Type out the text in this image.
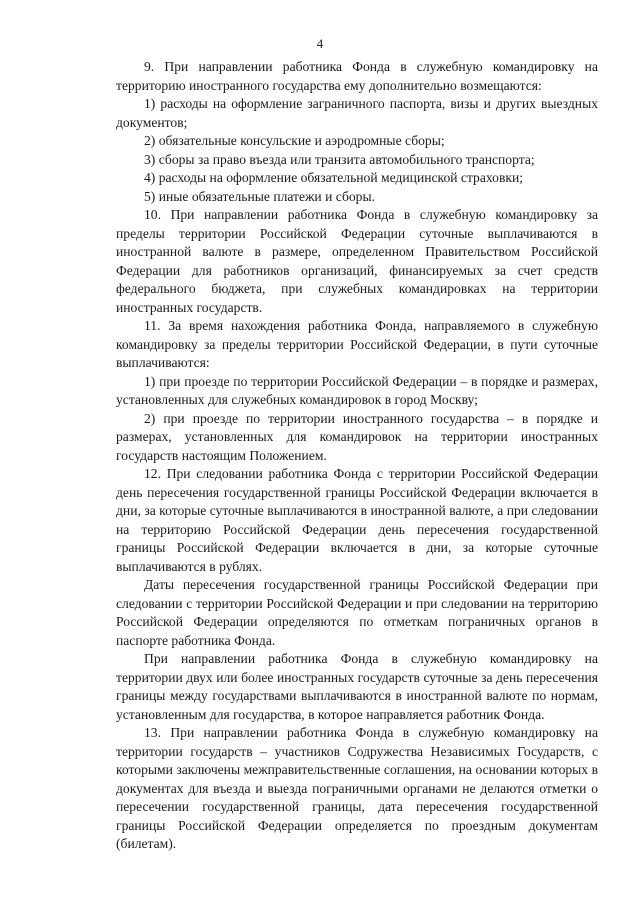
4

9. При направлении работника Фонда в служебную командировку на территорию иностранного государства ему дополнительно возмещаются:

1) расходы на оформление заграничного паспорта, визы и других выездных документов;

2) обязательные консульские и аэродромные сборы;

3) сборы за право въезда или транзита автомобильного транспорта;

4) расходы на оформление обязательной медицинской страховки;

5) иные обязательные платежи и сборы.

10. При направлении работника Фонда в служебную командировку за пределы территории Российской Федерации суточные выплачиваются в иностранной валюте в размере, определенном Правительством Российской Федерации для работников организаций, финансируемых за счет средств федерального бюджета, при служебных командировках на территории иностранных государств.

11. За время нахождения работника Фонда, направляемого в служебную командировку за пределы территории Российской Федерации, в пути суточные выплачиваются:

1) при проезде по территории Российской Федерации – в порядке и размерах, установленных для служебных командировок в город Москву;

2) при проезде по территории иностранного государства – в порядке и размерах, установленных для командировок на территории иностранных государств настоящим Положением.

12. При следовании работника Фонда с территории Российской Федерации день пересечения государственной границы Российской Федерации включается в дни, за которые суточные выплачиваются в иностранной валюте, а при следовании на территорию Российской Федерации день пересечения государственной границы Российской Федерации включается в дни, за которые суточные выплачиваются в рублях.

Даты пересечения государственной границы Российской Федерации при следовании с территории Российской Федерации и при следовании на территорию Российской Федерации определяются по отметкам пограничных органов в паспорте работника Фонда.

При направлении работника Фонда в служебную командировку на территории двух или более иностранных государств суточные за день пересечения границы между государствами выплачиваются в иностранной валюте по нормам, установленным для государства, в которое направляется работник Фонда.

13. При направлении работника Фонда в служебную командировку на территории государств – участников Содружества Независимых Государств, с которыми заключены межправительственные соглашения, на основании которых в документах для въезда и выезда пограничными органами не делаются отметки о пересечении государственной границы, дата пересечения государственной границы Российской Федерации определяется по проездным документам (билетам).
